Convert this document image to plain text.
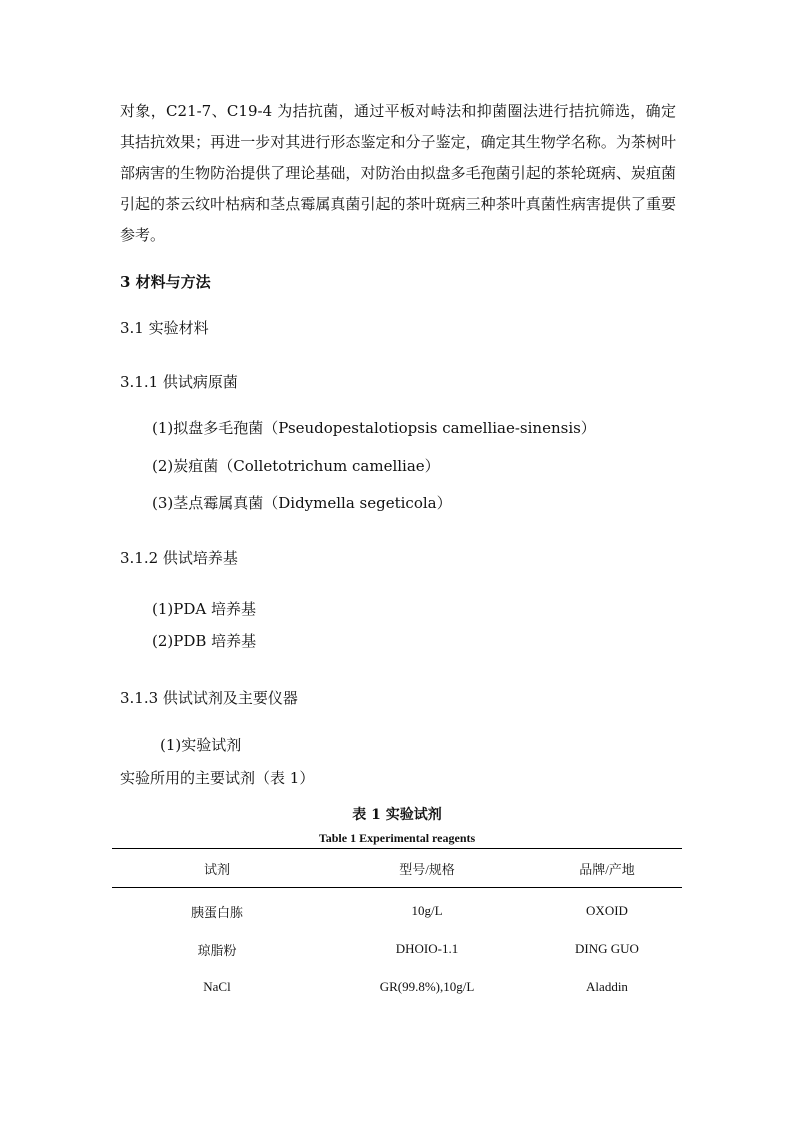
对象，C21-7、C19-4 为拮抗菌，通过平板对峙法和抑菌圈法进行拮抗筛选，确定其拮抗效果；再进一步对其进行形态鉴定和分子鉴定，确定其生物学名称。为茶树叶部病害的生物防治提供了理论基础，对防治由拟盘多毛孢菌引起的茶轮斑病、炭疽菌引起的茶云纹叶枯病和茎点霉属真菌引起的茶叶斑病三种茶叶真菌性病害提供了重要参考。

3 材料与方法

3.1 实验材料

3.1.1 供试病原菌

(1)拟盘多毛孢菌（Pseudopestalotiopsis camelliae-sinensis）

(2)炭疽菌（Colletotrichum camelliae）

(3)茎点霉属真菌（Didymella segeticola）

3.1.2 供试培养基

(1)PDA 培养基

(2)PDB 培养基

3.1.3 供试试剂及主要仪器

(1)实验试剂

实验所用的主要试剂（表 1）

表 1 实验试剂
Table 1 Experimental reagents
试剂	型号/规格	品牌/产地
胰蛋白胨	10g/L	OXOID
琼脂粉	DHOIO-1.1	DING GUO
NaCl	GR(99.8%),10g/L	Aladdin
